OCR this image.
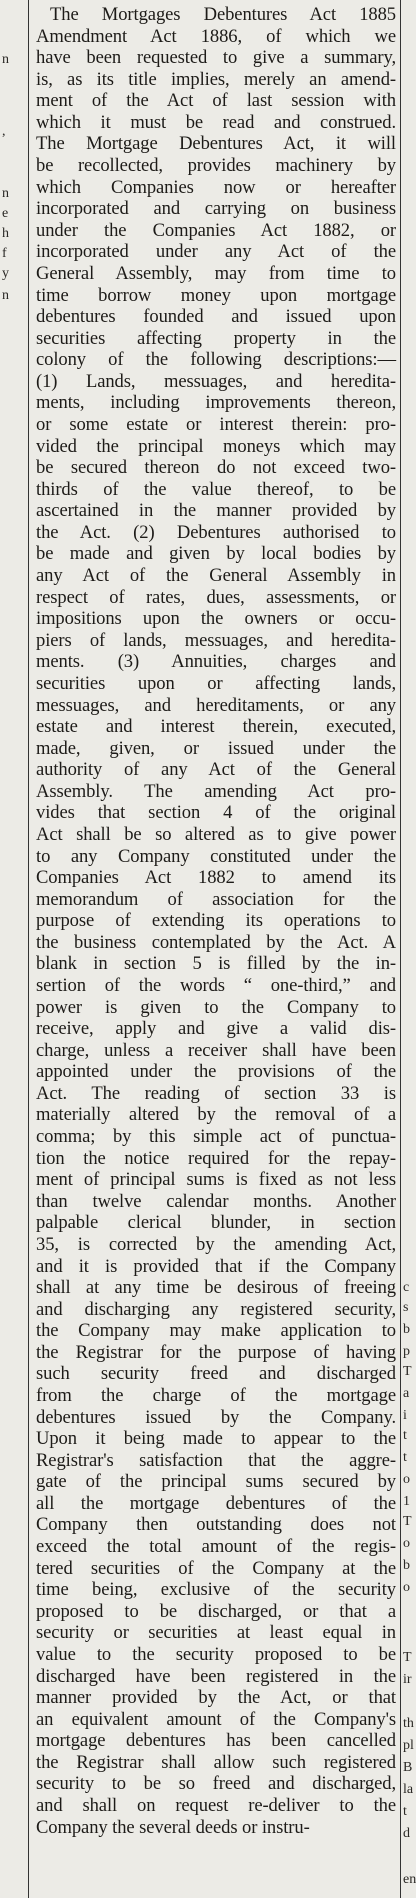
n

,

n

e

h

f

y

n

c

s

b

p

T

a

i

t

t

o

1

T

o

b

o

T

ir

th

pl

B

la

t

d

en

The Mortgages Debentures Act 1885
Amendment Act 1886, of which we
have been requested to give a summary,
is, as its title implies, merely an amend-
ment of the Act of last session with
which it must be read and construed.
The Mortgage Debentures Act, it will
be recollected, provides machinery by
which Companies now or hereafter
incorporated and carrying on business
under the Companies Act 1882, or
incorporated under any Act of the
General Assembly, may from time to
time borrow money upon mortgage
debentures founded and issued upon
securities affecting property in the
colony of the following descriptions:—
(1) Lands, messuages, and heredita-
ments, including improvements thereon,
or some estate or interest therein: pro-
vided the principal moneys which may
be secured thereon do not exceed two-
thirds of the value thereof, to be
ascertained in the manner provided by
the Act. (2) Debentures authorised to
be made and given by local bodies by
any Act of the General Assembly in
respect of rates, dues, assessments, or
impositions upon the owners or occu-
piers of lands, messuages, and heredita-
ments. (3) Annuities, charges and
securities upon or affecting lands,
messuages, and hereditaments, or any
estate and interest therein, executed,
made, given, or issued under the
authority of any Act of the General
Assembly. The amending Act pro-
vides that section 4 of the original
Act shall be so altered as to give power
to any Company constituted under the
Companies Act 1882 to amend its
memorandum of association for the
purpose of extending its operations to
the business contemplated by the Act. A
blank in section 5 is filled by the in-
sertion of the words “ one-third,” and
power is given to the Company to
receive, apply and give a valid dis-
charge, unless a receiver shall have been
appointed under the provisions of the
Act. The reading of section 33 is
materially altered by the removal of a
comma; by this simple act of punctua-
tion the notice required for the repay-
ment of principal sums is fixed as not less
than twelve calendar months. Another
palpable clerical blunder, in section
35, is corrected by the amending Act,
and it is provided that if the Company
shall at any time be desirous of freeing
and discharging any registered security,
the Company may make application to
the Registrar for the purpose of having
such security freed and discharged
from the charge of the mortgage
debentures issued by the Company.
Upon it being made to appear to the
Registrar's satisfaction that the aggre-
gate of the principal sums secured by
all the mortgage debentures of the
Company then outstanding does not
exceed the total amount of the regis-
tered securities of the Company at the
time being, exclusive of the security
proposed to be discharged, or that a
security or securities at least equal in
value to the security proposed to be
discharged have been registered in the
manner provided by the Act, or that
an equivalent amount of the Company's
mortgage debentures has been cancelled
the Registrar shall allow such registered
security to be so freed and discharged,
and shall on request re-deliver to the
Company the several deeds or instru-
